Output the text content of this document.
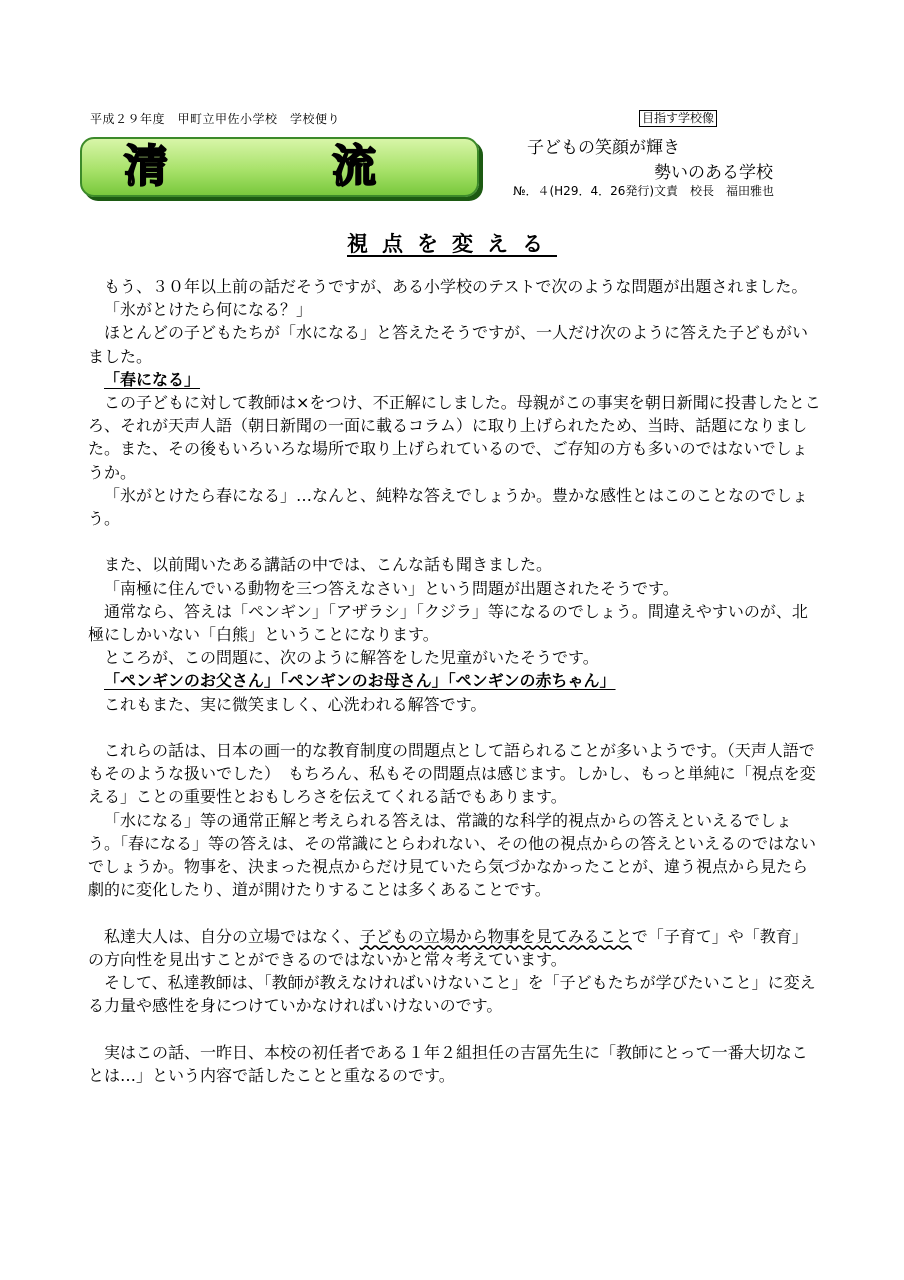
平成２９年度　甲町立甲佐小学校　学校便り
清	流
目指す学校像
子どもの笑顔が輝き
勢いのある学校
№．４(H29．4．26発行)文責　校長　福田雅也
視点を変える

もう、３０年以上前の話だそうですが、ある小学校のテストで次のような問題が出題されました。

「氷がとけたら何になる？」

ほとんどの子どもたちが「水になる」と答えたそうですが、一人だけ次のように答えた子どもがいました。

「春になる」

この子どもに対して教師は×をつけ、不正解にしました。母親がこの事実を朝日新聞に投書したところ、それが天声人語（朝日新聞の一面に載るコラム）に取り上げられたため、当時、話題になりました。また、その後もいろいろな場所で取り上げられているので、ご存知の方も多いのではないでしょうか。

「氷がとけたら春になる」…なんと、純粋な答えでしょうか。豊かな感性とはこのことなのでしょう。

また、以前聞いたある講話の中では、こんな話も聞きました。

「南極に住んでいる動物を三つ答えなさい」という問題が出題されたそうです。

通常なら、答えは「ペンギン」「アザラシ」「クジラ」等になるのでしょう。間違えやすいのが、北極にしかいない「白熊」ということになります。

ところが、この問題に、次のように解答をした児童がいたそうです。

「ペンギンのお父さん」「ペンギンのお母さん」「ペンギンの赤ちゃん」

これもまた、実に微笑ましく、心洗われる解答です。

これらの話は、日本の画一的な教育制度の問題点として語られることが多いようです。（天声人語でもそのような扱いでした）　もちろん、私もその問題点は感じます。しかし、もっと単純に「視点を変える」ことの重要性とおもしろさを伝えてくれる話でもあります。

「水になる」等の通常正解と考えられる答えは、常識的な科学的視点からの答えといえるでしょう。「春になる」等の答えは、その常識にとらわれない、その他の視点からの答えといえるのではないでしょうか。物事を、決まった視点からだけ見ていたら気づかなかったことが、違う視点から見たら劇的に変化したり、道が開けたりすることは多くあることです。

私達大人は、自分の立場ではなく、子どもの立場から物事を見てみることで「子育て」や「教育」の方向性を見出すことができるのではないかと常々考えています。

そして、私達教師は、「教師が教えなければいけないこと」を「子どもたちが学びたいこと」に変える力量や感性を身につけていかなければいけないのです。

実はこの話、一昨日、本校の初任者である１年２組担任の吉冨先生に「教師にとって一番大切なことは…」という内容で話したことと重なるのです。
